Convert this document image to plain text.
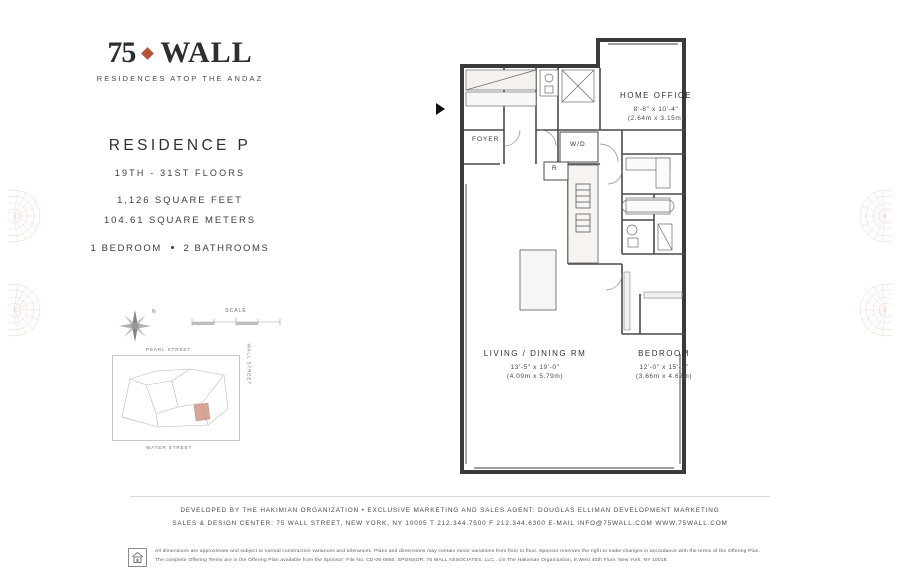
75 WALL
RESIDENCES ATOP THE ANDAZ
RESIDENCE P
19TH - 31ST FLOORS
1,126 SQUARE FEET
104.61 SQUARE METERS
1 BEDROOM 2 BATHROOMS
N	SCALE
PEARL STREET
WATER STREET
WALL STREET
HOME OFFICE
8'-8" x 10'-4"
(2.64m x 3.15m)
LIVING / DINING RM
13'-5" x 19'-0"
(4.09m x 5.79m)
BEDROOM
12'-0" x 15'-2"
(3.66m x 4.62m)
FOYER
W/D
R
DEVELOPED BY THE HAKIMIAN ORGANIZATION • EXCLUSIVE MARKETING AND SALES AGENT: DOUGLAS ELLIMAN DEVELOPMENT MARKETING
SALES & DESIGN CENTER: 75 WALL STREET, NEW YORK, NY 10005 T 212.344.7500 F 212.344.6300 E-MAIL INFO@75WALL.COM WWW.75WALL.COM
All dimensions are approximate and subject to normal construction variances and tolerances. Plans and dimensions may contain minor variations from floor to floor. Sponsor reserves the right to make changes in accordance with the terms of the Offering Plan.
The complete Offering Terms are in the Offering Plan available from the Sponsor: File No. CD-06-0850. SPONSOR: 75 WALL ASSOCIATES, LLC., c/o The Hakimian Organization, 8 West 40th Floor, New York, NY 10018.
